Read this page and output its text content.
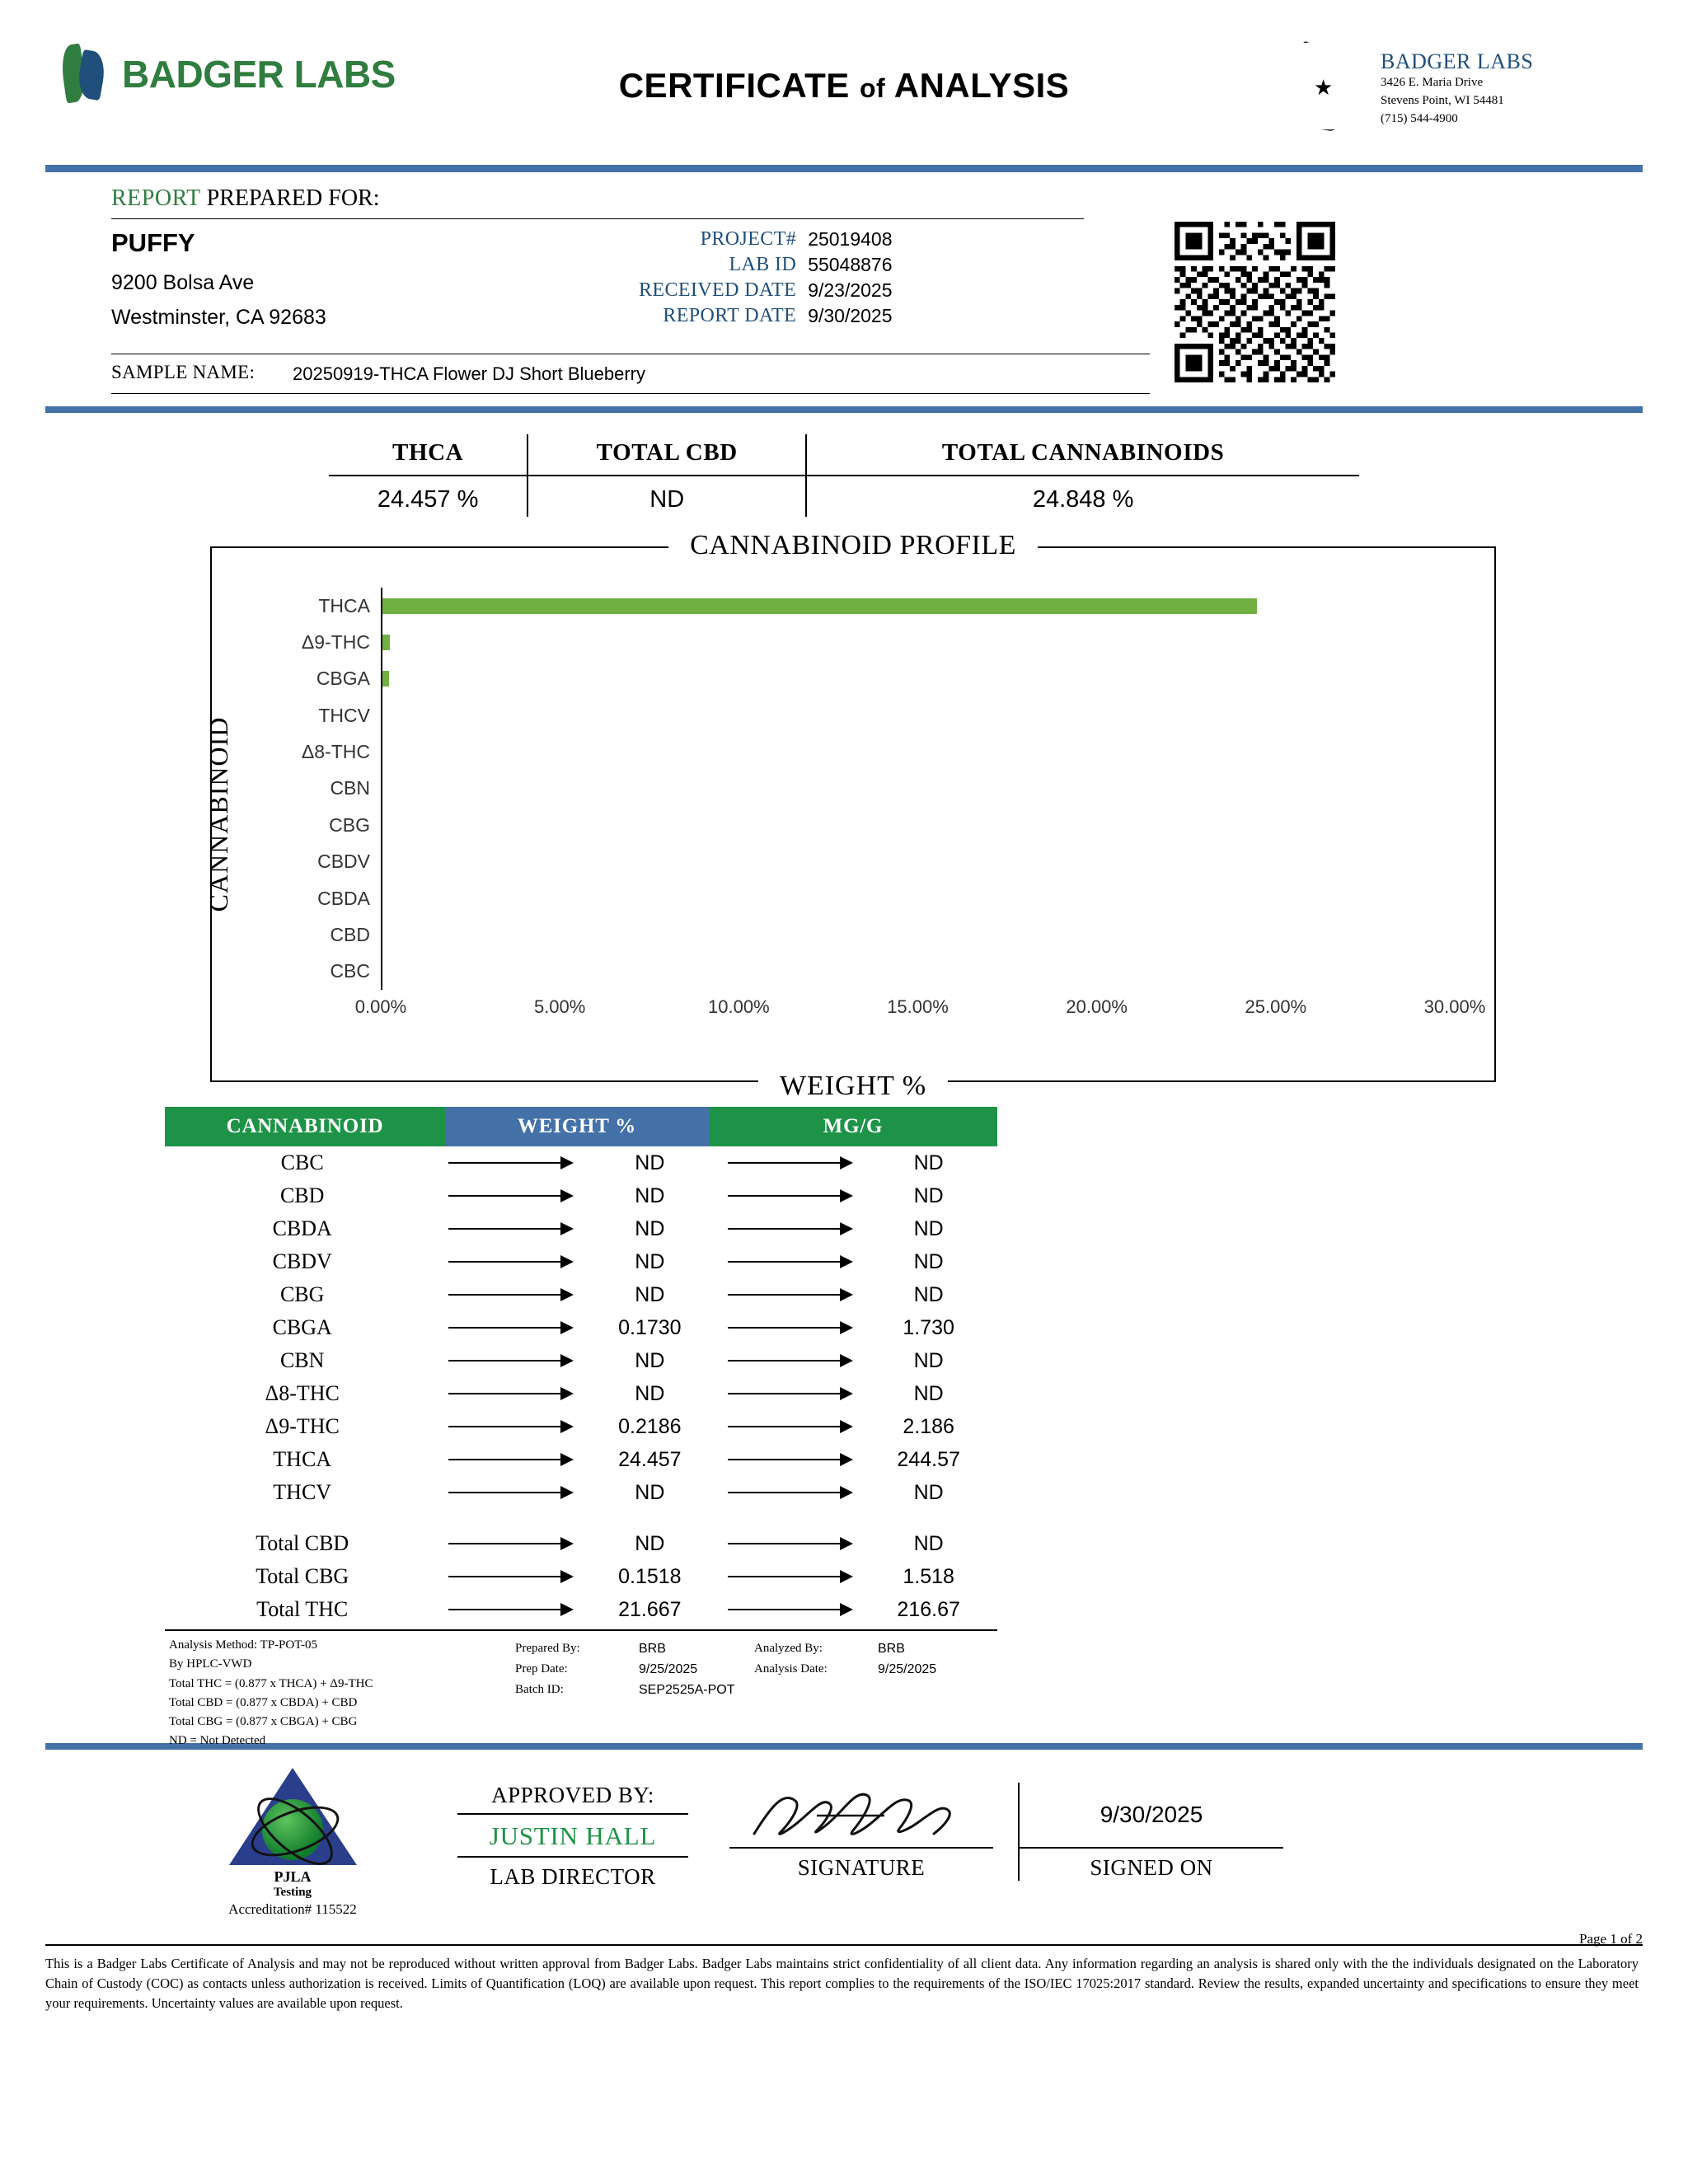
BADGER LABS	CERTIFICATE of ANALYSIS	★
BADGER LABS
3426 E. Maria Drive
Stevens Point, WI 54481
(715) 544-4900
REPORT PREPARED FOR:
PUFFY
9200 Bolsa Ave
Westminster, CA 92683
PROJECT#	25019408
LAB ID	55048876
RECEIVED DATE	9/23/2025
REPORT DATE	9/30/2025
SAMPLE NAME: 20250919-THCA Flower DJ Short Blueberry
THCA	TOTAL CBD	TOTAL CANNABINOIDS
24.457 %	ND	24.848 %
CANNABINOID PROFILE
CANNABINOID
THCA
Δ9-THC
CBGA
THCV
Δ8-THC
CBN
CBG
CBDV
CBDA
CBD
CBC
0.00%	5.00%	10.00%	15.00%	20.00%	25.00%	30.00%
WEIGHT %
CANNABINOID	WEIGHT %	MG/G
CBC	ND	ND
CBD	ND	ND
CBDA	ND	ND
CBDV	ND	ND
CBG	ND	ND
CBGA	0.1730	1.730
CBN	ND	ND
Δ8-THC	ND	ND
Δ9-THC	0.2186	2.186
THCA	24.457	244.57
THCV	ND	ND
Total CBD	ND	ND
Total CBG	0.1518	1.518
Total THC	21.667	216.67
Analysis Method: TP-POT-05
By HPLC-VWD
Total THC = (0.877 x THCA) + Δ9-THC
Total CBD = (0.877 x CBDA) + CBD
Total CBG = (0.877 x CBGA) + CBG
ND = Not Detected
Prepared By:	BRB
Prep Date:	9/25/2025
Batch ID:	SEP2525A-POT
Analyzed By:	BRB
Analysis Date:	9/25/2025
PJLA
Testing
Accreditation# 115522
APPROVED BY:
JUSTIN HALL
LAB DIRECTOR	SIGNATURE
9/30/2025
SIGNED ON
Page 1 of 2
This is a Badger Labs Certificate of Analysis and may not be reproduced without written approval from Badger Labs. Badger Labs maintains strict confidentiality of all client data. Any information regarding an analysis is shared only with the the individuals designated on the Laboratory Chain of Custody (COC) as contacts unless authorization is received. Limits of Quantification (LOQ) are available upon request. This report complies to the requirements of the ISO/IEC 17025:2017 standard. Review the results, expanded uncertainty and specifications to ensure they meet your requirements. Uncertainty values are available upon request.
